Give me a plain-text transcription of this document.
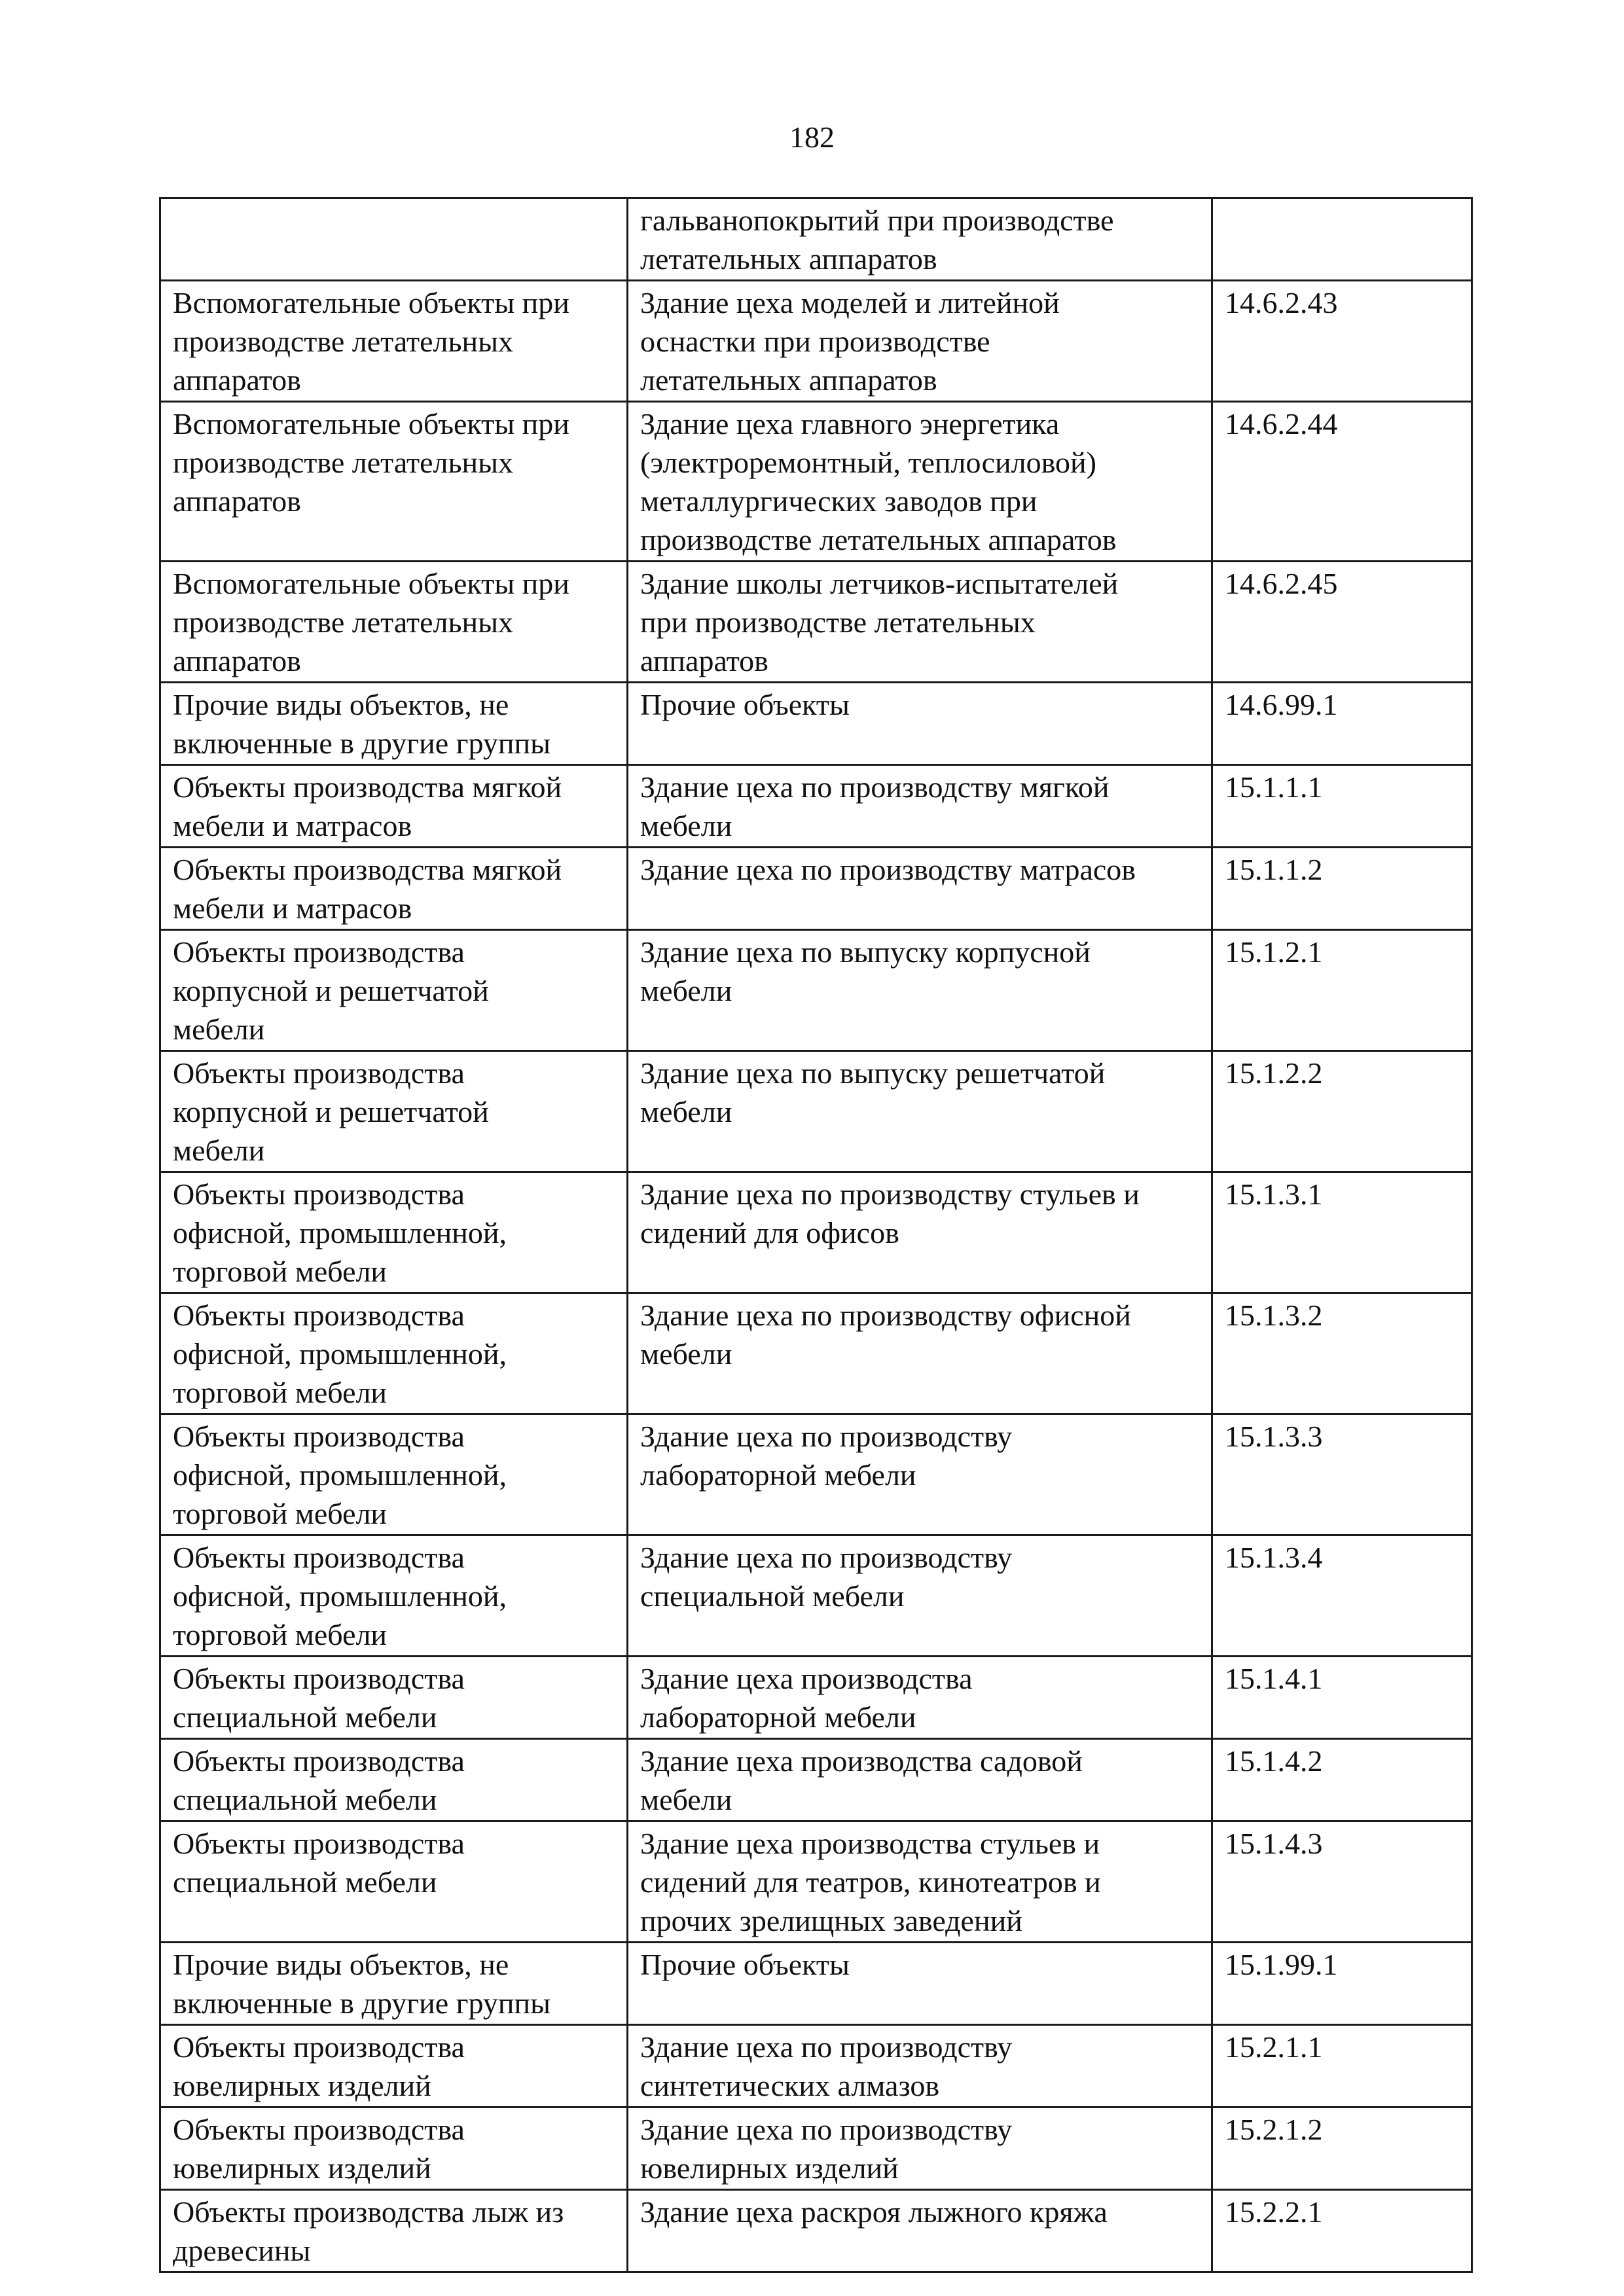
182

	гальванопокрытий при производстве
летательных аппаратов	

Вспомогательные объекты при
производстве летательных
аппаратов	Здание цеха моделей и литейной
оснастки при производстве
летательных аппаратов	14.6.2.43

Вспомогательные объекты при
производстве летательных
аппаратов	Здание цеха главного энергетика
(электроремонтный, теплосиловой)
металлургических заводов при
производстве летательных аппаратов	14.6.2.44

Вспомогательные объекты при
производстве летательных
аппаратов	Здание школы летчиков-испытателей
при производстве летательных
аппаратов	14.6.2.45

Прочие виды объектов, не
включенные в другие группы	Прочие объекты	14.6.99.1

Объекты производства мягкой
мебели и матрасов	Здание цеха по производству мягкой
мебели	15.1.1.1

Объекты производства мягкой
мебели и матрасов	Здание цеха по производству матрасов	15.1.1.2

Объекты производства
корпусной и решетчатой
мебели	Здание цеха по выпуску корпусной
мебели	15.1.2.1

Объекты производства
корпусной и решетчатой
мебели	Здание цеха по выпуску решетчатой
мебели	15.1.2.2

Объекты производства
офисной, промышленной,
торговой мебели	Здание цеха по производству стульев и
сидений для офисов	15.1.3.1

Объекты производства
офисной, промышленной,
торговой мебели	Здание цеха по производству офисной
мебели	15.1.3.2

Объекты производства
офисной, промышленной,
торговой мебели	Здание цеха по производству
лабораторной мебели	15.1.3.3

Объекты производства
офисной, промышленной,
торговой мебели	Здание цеха по производству
специальной мебели	15.1.3.4

Объекты производства
специальной мебели	Здание цеха производства
лабораторной мебели	15.1.4.1

Объекты производства
специальной мебели	Здание цеха производства садовой
мебели	15.1.4.2

Объекты производства
специальной мебели	Здание цеха производства стульев и
сидений для театров, кинотеатров и
прочих зрелищных заведений	15.1.4.3

Прочие виды объектов, не
включенные в другие группы	Прочие объекты	15.1.99.1

Объекты производства
ювелирных изделий	Здание цеха по производству
синтетических алмазов	15.2.1.1

Объекты производства
ювелирных изделий	Здание цеха по производству
ювелирных изделий	15.2.1.2

Объекты производства лыж из
древесины	Здание цеха раскроя лыжного кряжа	15.2.2.1
